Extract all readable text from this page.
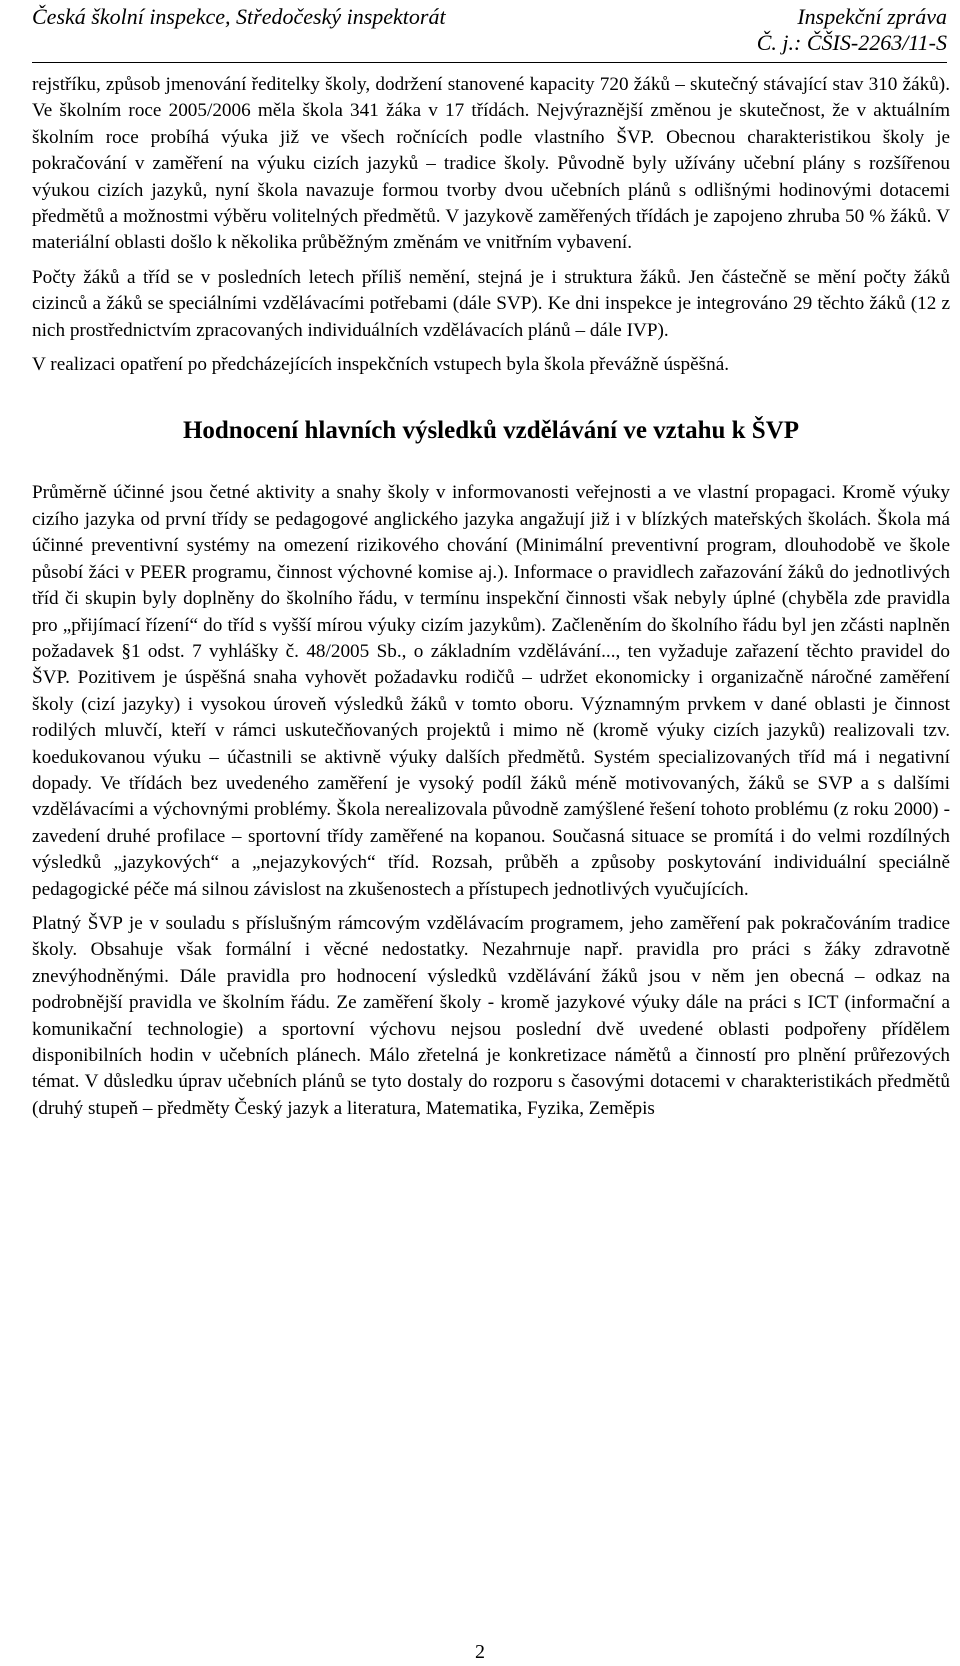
Česká školní inspekce, Středočeský inspektorát	Inspekční zpráva
Č. j.: ČŠIS-2263/11-S

rejstříku, způsob jmenování ředitelky školy, dodržení stanovené kapacity 720 žáků – skutečný stávající stav 310 žáků). Ve školním roce 2005/2006 měla škola 341 žáka v 17 třídách. Nejvýraznější změnou je skutečnost, že v aktuálním školním roce probíhá výuka již ve všech ročnících podle vlastního ŠVP. Obecnou charakteristikou školy je pokračování v zaměření na výuku cizích jazyků – tradice školy. Původně byly užívány učební plány s rozšířenou výukou cizích jazyků, nyní škola navazuje formou tvorby dvou učebních plánů s odlišnými hodinovými dotacemi předmětů a možnostmi výběru volitelných předmětů. V jazykově zaměřených třídách je zapojeno zhruba 50 % žáků. V materiální oblasti došlo k několika průběžným změnám ve vnitřním vybavení.

Počty žáků a tříd se v posledních letech příliš nemění, stejná je i struktura žáků. Jen částečně se mění počty žáků cizinců a žáků se speciálními vzdělávacími potřebami (dále SVP). Ke dni inspekce je integrováno 29 těchto žáků (12 z nich prostřednictvím zpracovaných individuálních vzdělávacích plánů – dále IVP).

V realizaci opatření po předcházejících inspekčních vstupech byla škola převážně úspěšná.

Hodnocení hlavních výsledků vzdělávání ve vztahu k ŠVP

Průměrně účinné jsou četné aktivity a snahy školy v informovanosti veřejnosti a ve vlastní propagaci. Kromě výuky cizího jazyka od první třídy se pedagogové anglického jazyka angažují již i v blízkých mateřských školách. Škola má účinné preventivní systémy na omezení rizikového chování (Minimální preventivní program, dlouhodobě ve škole působí žáci v PEER programu, činnost výchovné komise aj.). Informace o pravidlech zařazování žáků do jednotlivých tříd či skupin byly doplněny do školního řádu, v termínu inspekční činnosti však nebyly úplné (chyběla zde pravidla pro „přijímací řízení“ do tříd s vyšší mírou výuky cizím jazykům). Začleněním do školního řádu byl jen zčásti naplněn požadavek §1 odst. 7 vyhlášky č. 48/2005 Sb., o základním vzdělávání..., ten vyžaduje zařazení těchto pravidel do ŠVP. Pozitivem je úspěšná snaha vyhovět požadavku rodičů – udržet ekonomicky i organizačně náročné zaměření školy (cizí jazyky) i vysokou úroveň výsledků žáků v tomto oboru. Významným prvkem v dané oblasti je činnost rodilých mluvčí, kteří v rámci uskutečňovaných projektů i mimo ně (kromě výuky cizích jazyků) realizovali tzv. koedukovanou výuku – účastnili se aktivně výuky dalších předmětů. Systém specializovaných tříd má i negativní dopady. Ve třídách bez uvedeného zaměření je vysoký podíl žáků méně motivovaných, žáků se SVP a s dalšími vzdělávacími a výchovnými problémy. Škola nerealizovala původně zamýšlené řešení tohoto problému (z roku 2000) - zavedení druhé profilace – sportovní třídy zaměřené na kopanou. Současná situace se promítá i do velmi rozdílných výsledků „jazykových“ a „nejazykových“ tříd. Rozsah, průběh a způsoby poskytování individuální speciálně pedagogické péče má silnou závislost na zkušenostech a přístupech jednotlivých vyučujících.

Platný ŠVP je v souladu s příslušným rámcovým vzdělávacím programem, jeho zaměření pak pokračováním tradice školy. Obsahuje však formální i věcné nedostatky. Nezahrnuje např. pravidla pro práci s žáky zdravotně znevýhodněnými. Dále pravidla pro hodnocení výsledků vzdělávání žáků jsou v něm jen obecná – odkaz na podrobnější pravidla ve školním řádu. Ze zaměření školy - kromě jazykové výuky dále na práci s ICT (informační a komunikační technologie) a sportovní výchovu nejsou poslední dvě uvedené oblasti podpořeny přídělem disponibilních hodin v učebních plánech. Málo zřetelná je konkretizace námětů a činností pro plnění průřezových témat. V důsledku úprav učebních plánů se tyto dostaly do rozporu s časovými dotacemi v charakteristikách předmětů (druhý stupeň – předměty Český jazyk a literatura, Matematika, Fyzika, Zeměpis

2
